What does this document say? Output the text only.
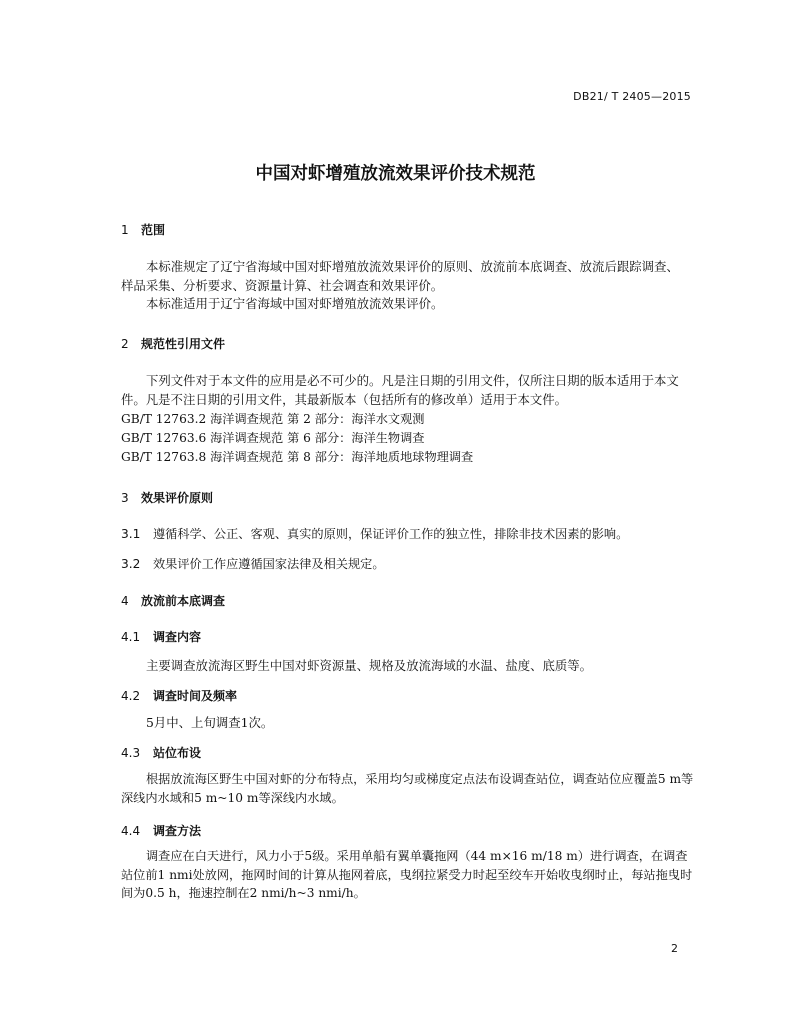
DB21/ T 2405—2015
中国对虾增殖放流效果评价技术规范
1 范围
本标准规定了辽宁省海域中国对虾增殖放流效果评价的原则、放流前本底调查、放流后跟踪调查、
样品采集、分析要求、资源量计算、社会调查和效果评价。
本标准适用于辽宁省海域中国对虾增殖放流效果评价。
2 规范性引用文件
下列文件对于本文件的应用是必不可少的。凡是注日期的引用文件，仅所注日期的版本适用于本文
件。凡是不注日期的引用文件，其最新版本（包括所有的修改单）适用于本文件。
GB/T 12763.2 海洋调查规范 第 2 部分：海洋水文观测
GB/T 12763.6 海洋调查规范 第 6 部分：海洋生物调查
GB/T 12763.8 海洋调查规范 第 8 部分：海洋地质地球物理调查
3 效果评价原则
3.1 遵循科学、公正、客观、真实的原则，保证评价工作的独立性，排除非技术因素的影响。
3.2 效果评价工作应遵循国家法律及相关规定。
4 放流前本底调查
4.1 调查内容
主要调查放流海区野生中国对虾资源量、规格及放流海域的水温、盐度、底质等。
4.2 调查时间及频率
5月中、上旬调查1次。
4.3 站位布设
根据放流海区野生中国对虾的分布特点，采用均匀或梯度定点法布设调查站位，调查站位应覆盖5 m等深线内水域和5 m~10 m等深线内水域。
4.4 调查方法
调查应在白天进行，风力小于5级。采用单船有翼单囊拖网（44 m×16 m/18 m）进行调查，在调查站位前1 nmi处放网，拖网时间的计算从拖网着底，曳纲拉紧受力时起至绞车开始收曳纲时止，每站拖曳时间为0.5 h，拖速控制在2 nmi/h~3 nmi/h。
2
